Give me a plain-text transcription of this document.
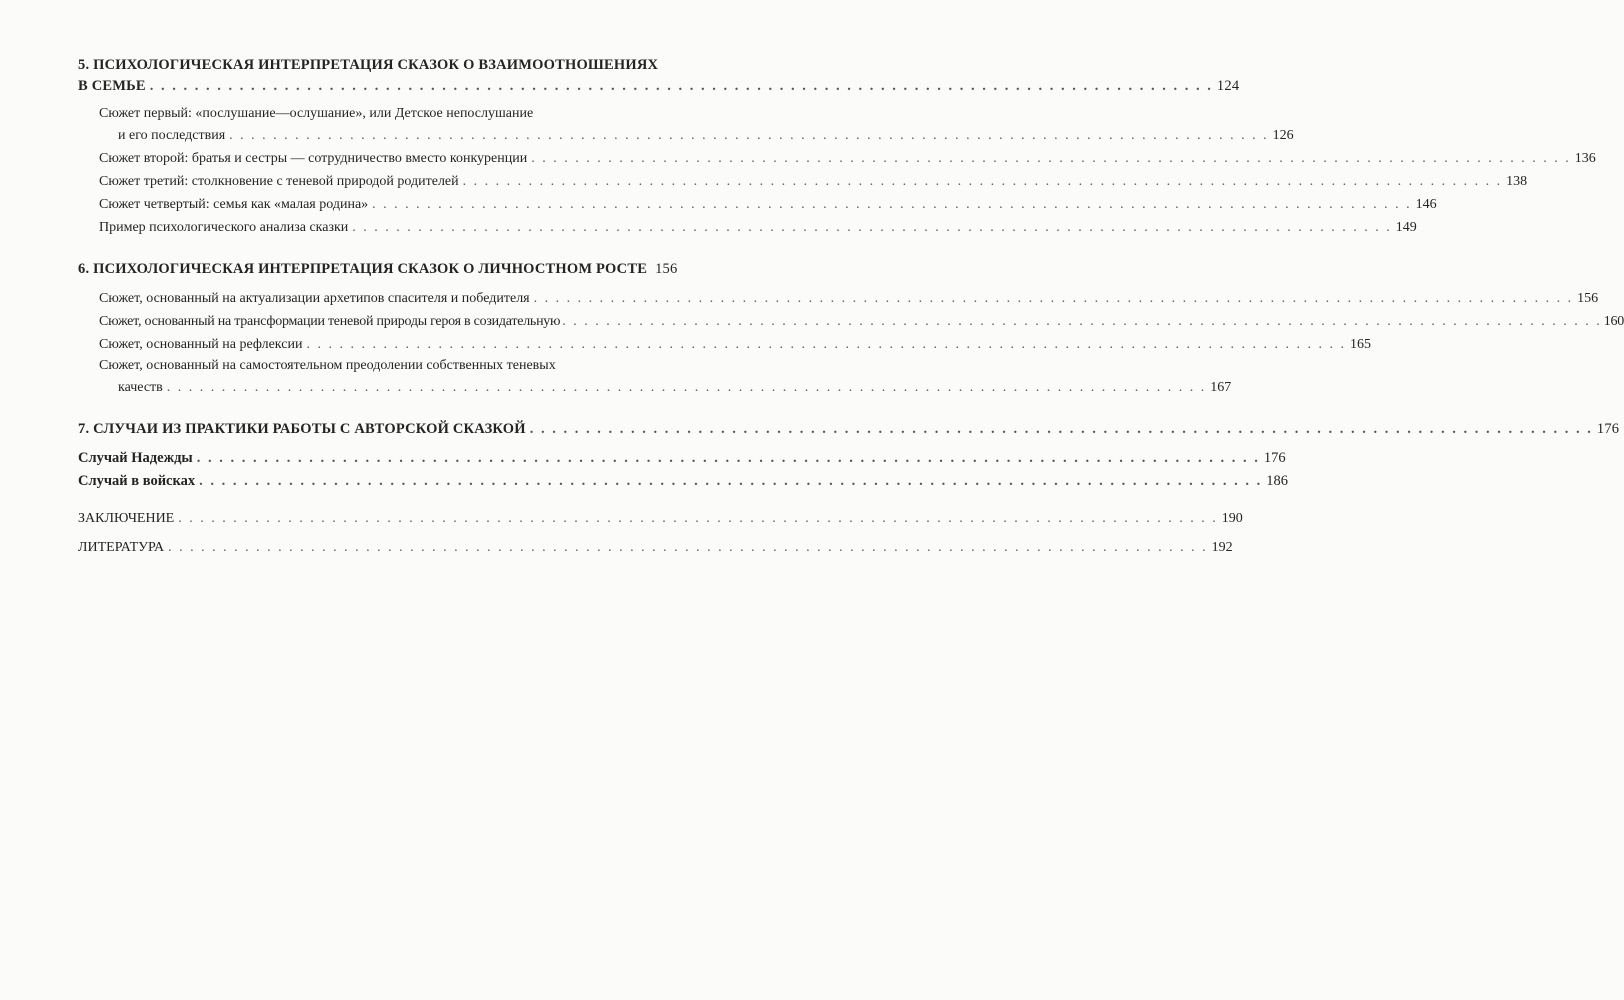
5. ПСИХОЛОГИЧЕСКАЯ ИНТЕРПРЕТАЦИЯ СКАЗОК О ВЗАИМООТНОШЕНИЯХ
В СЕМЬЕ . . .	124
Сюжет первый: «послушание—ослушание», или Детское непослушание
и его последствия . . .	126
Сюжет второй: братья и сестры — сотрудничество вместо конкуренции . . .	136
Сюжет третий: столкновение с теневой природой родителей . . .	138
Сюжет четвертый: семья как «малая родина» . . .	146
Пример психологического анализа сказки . . .	149
6. ПСИХОЛОГИЧЕСКАЯ ИНТЕРПРЕТАЦИЯ СКАЗОК О ЛИЧНОСТНОМ РОСТЕ 156
Сюжет, основанный на актуализации архетипов спасителя и победителя . . .	156
Сюжет, основанный на трансформации теневой природы героя в созидательную . . .	160
Сюжет, основанный на рефлексии . . .	165
Сюжет, основанный на самостоятельном преодолении собственных теневых
качеств . . .	167
7. СЛУЧАИ ИЗ ПРАКТИКИ РАБОТЫ С АВТОРСКОЙ СКАЗКОЙ . . .	176
Случай Надежды . . .	176
Случай в войсках . . .	186
ЗАКЛЮЧЕНИЕ . . .	190
ЛИТЕРАТУРА . . .	192
